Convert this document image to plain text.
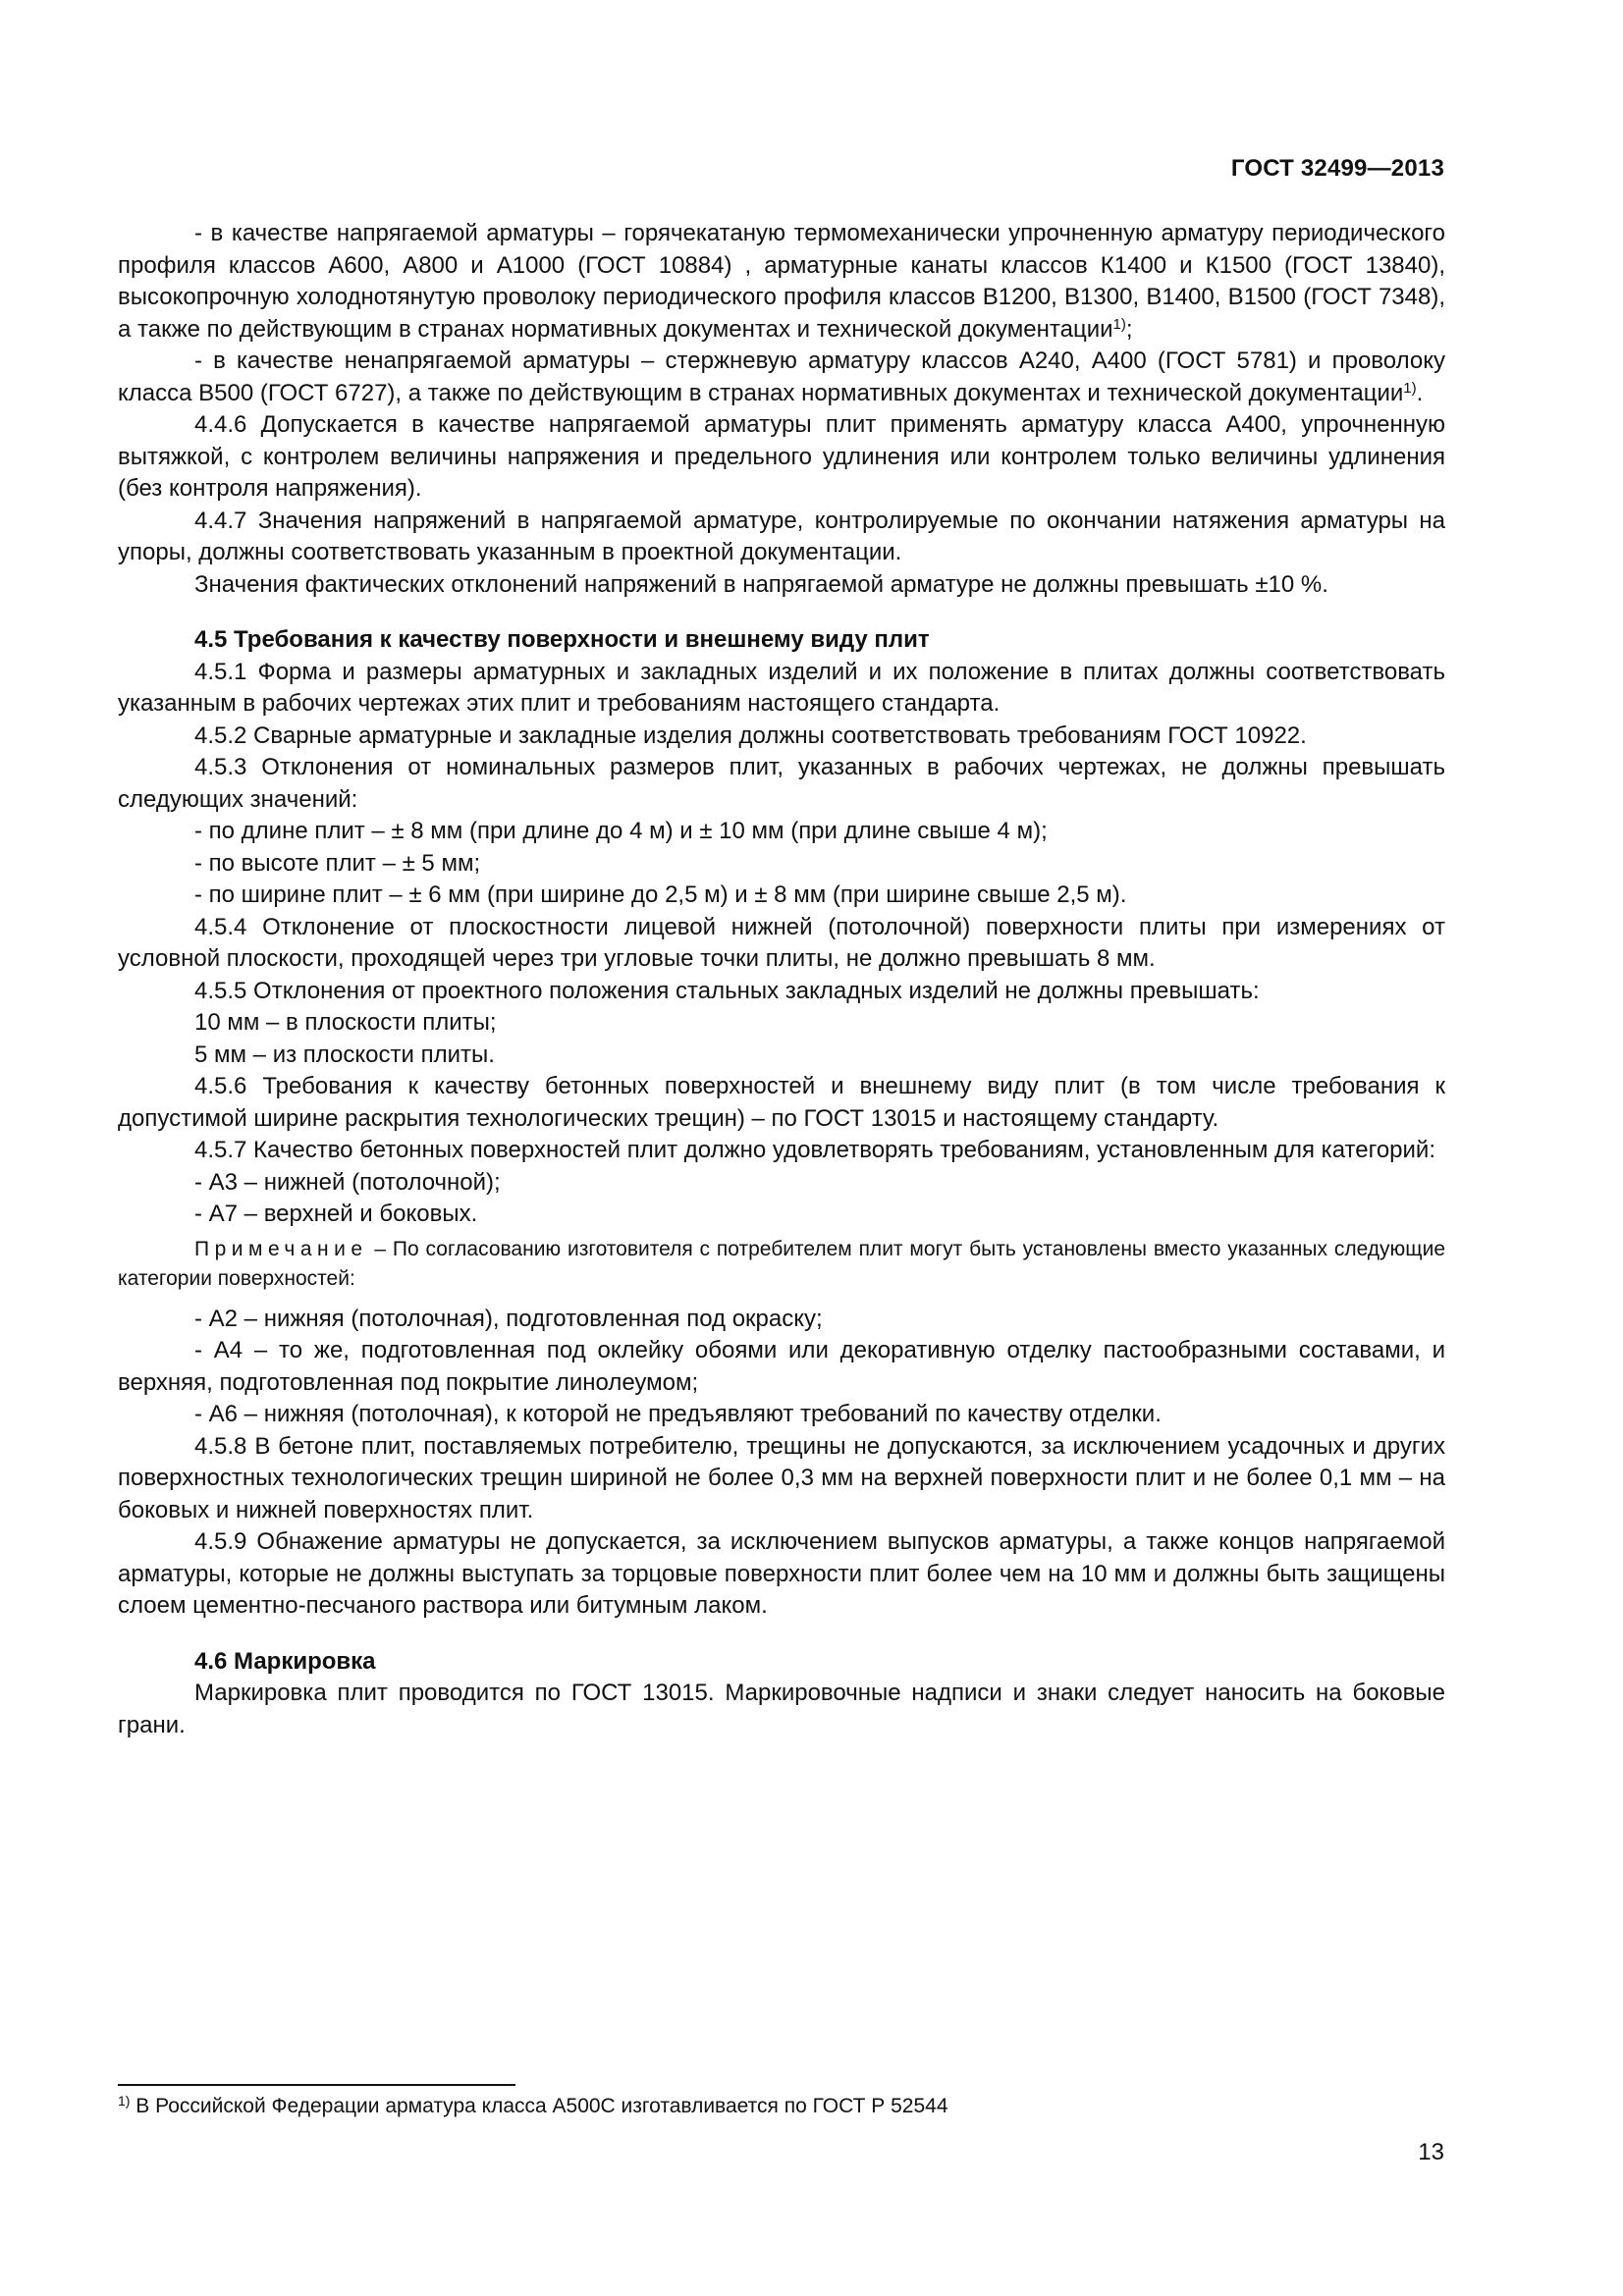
ГОСТ 32499—2013

- в качестве напрягаемой арматуры – горячекатаную термомеханически упрочненную арматуру периодического профиля классов А600, А800 и А1000 (ГОСТ 10884) , арматурные канаты классов К1400 и К1500 (ГОСТ 13840), высокопрочную холоднотянутую проволоку периодического профиля классов В1200, В1300, В1400, В1500 (ГОСТ 7348), а также по действующим в странах нормативных документах и технической документации$^{1)}$;

- в качестве ненапрягаемой арматуры – стержневую арматуру классов А240, А400 (ГОСТ 5781) и проволоку класса В500 (ГОСТ 6727), а также по действующим в странах нормативных документах и технической документации$^{1)}$.

4.4.6 Допускается в качестве напрягаемой арматуры плит применять арматуру класса А400, упрочненную вытяжкой, с контролем величины напряжения и предельного удлинения или контролем только величины удлинения (без контроля напряжения).

4.4.7 Значения напряжений в напрягаемой арматуре, контролируемые по окончании натяжения арматуры на упоры, должны соответствовать указанным в проектной документации.

Значения фактических отклонений напряжений в напрягаемой арматуре не должны превышать ±10 %.

4.5 Требования к качеству поверхности и внешнему виду плит

4.5.1 Форма и размеры арматурных и закладных изделий и их положение в плитах должны соответствовать указанным в рабочих чертежах этих плит и требованиям настоящего стандарта.

4.5.2 Сварные арматурные и закладные изделия должны соответствовать требованиям ГОСТ 10922.

4.5.3 Отклонения от номинальных размеров плит, указанных в рабочих чертежах, не должны превышать следующих значений:

- по длине плит – ± 8 мм (при длине до 4 м) и ± 10 мм (при длине свыше 4 м);

- по высоте плит – ± 5 мм;

- по ширине плит – ± 6 мм (при ширине до 2,5 м) и ± 8 мм (при ширине свыше 2,5 м).

4.5.4 Отклонение от плоскостности лицевой нижней (потолочной) поверхности плиты при измерениях от условной плоскости, проходящей через три угловые точки плиты, не должно превышать 8 мм.

4.5.5 Отклонения от проектного положения стальных закладных изделий не должны превышать:

10 мм – в плоскости плиты;

5 мм – из плоскости плиты.

4.5.6 Требования к качеству бетонных поверхностей и внешнему виду плит (в том числе требования к допустимой ширине раскрытия технологических трещин) – по ГОСТ 13015 и настоящему стандарту.

4.5.7 Качество бетонных поверхностей плит должно удовлетворять требованиям, установленным для категорий:

- А3 – нижней (потолочной);

- А7 – верхней и боковых.

Примечание – По согласованию изготовителя с потребителем плит могут быть установлены вместо указанных следующие категории поверхностей:

- А2 – нижняя (потолочная), подготовленная под окраску;

- А4 – то же, подготовленная под оклейку обоями или декоративную отделку пастообразными составами, и верхняя, подготовленная под покрытие линолеумом;

- А6 – нижняя (потолочная), к которой не предъявляют требований по качеству отделки.

4.5.8 В бетоне плит, поставляемых потребителю, трещины не допускаются, за исключением усадочных и других поверхностных технологических трещин шириной не более 0,3 мм на верхней поверхности плит и не более 0,1 мм – на боковых и нижней поверхностях плит.

4.5.9 Обнажение арматуры не допускается, за исключением выпусков арматуры, а также концов напрягаемой арматуры, которые не должны выступать за торцовые поверхности плит более чем на 10 мм и должны быть защищены слоем цементно-песчаного раствора или битумным лаком.

4.6 Маркировка

Маркировка плит проводится по ГОСТ 13015. Маркировочные надписи и знаки следует наносить на боковые грани.

$^{1)}$ В Российской Федерации арматура класса А500С изготавливается по ГОСТ Р 52544
13
